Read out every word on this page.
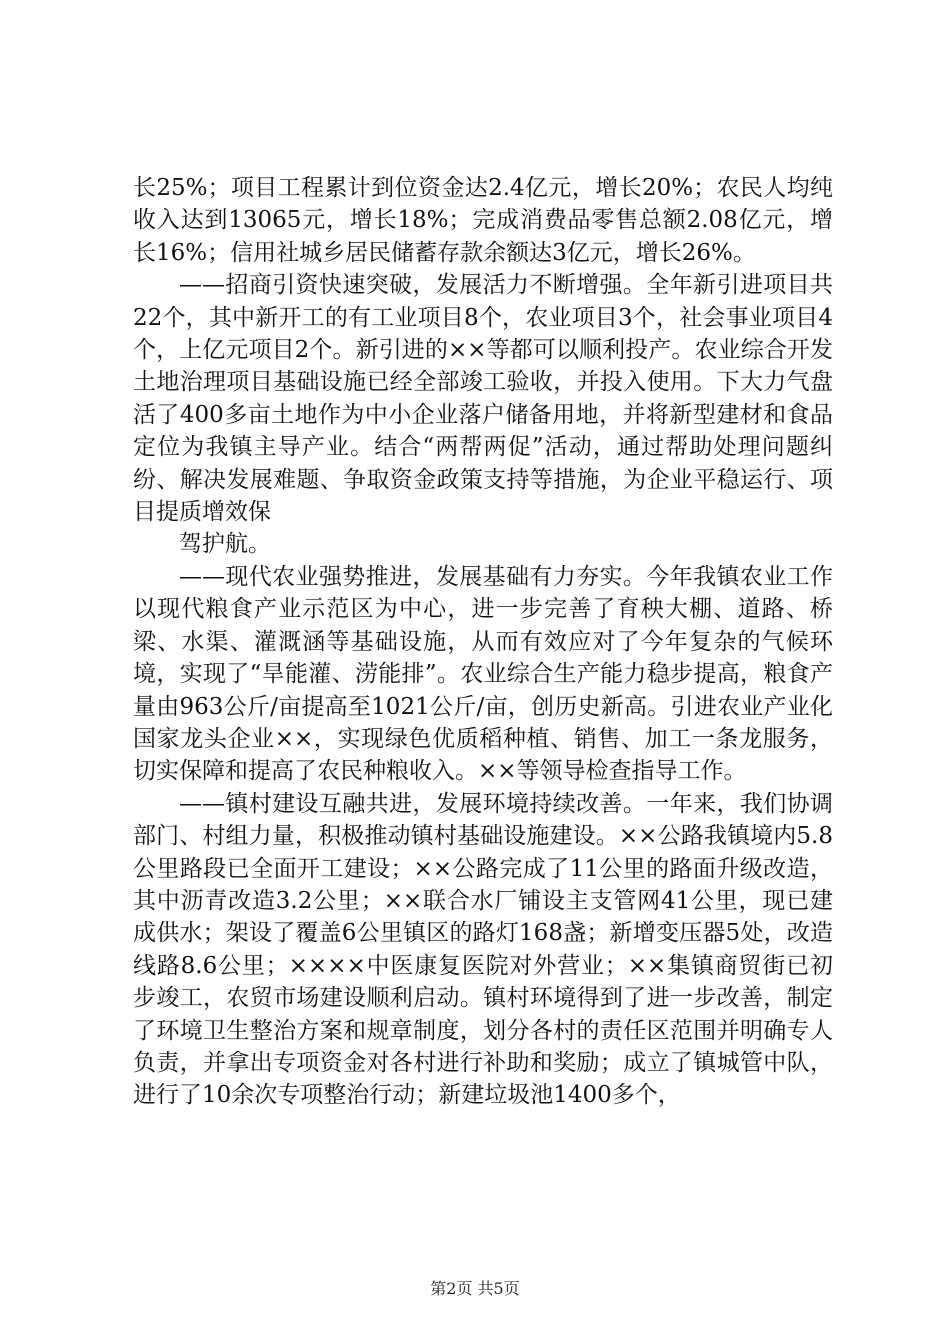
长25%；项目工程累计到位资金达2.4亿元，增长20%；农民人均纯收入达到13065元，增长18%；完成消费品零售总额2.08亿元，增长16%；信用社城乡居民储蓄存款余额达3亿元，增长26%。

——招商引资快速突破，发展活力不断增强。全年新引进项目共22个，其中新开工的有工业项目8个，农业项目3个，社会事业项目4个，上亿元项目2个。新引进的××等都可以顺利投产。农业综合开发土地治理项目基础设施已经全部竣工验收，并投入使用。下大力气盘活了400多亩土地作为中小企业落户储备用地，并将新型建材和食品定位为我镇主导产业。结合“两帮两促”活动，通过帮助处理问题纠纷、解决发展难题、争取资金政策支持等措施，为企业平稳运行、项目提质增效保

驾护航。

——现代农业强势推进，发展基础有力夯实。今年我镇农业工作以现代粮食产业示范区为中心，进一步完善了育秧大棚、道路、桥梁、水渠、灌溉涵等基础设施，从而有效应对了今年复杂的气候环境，实现了“旱能灌、涝能排”。农业综合生产能力稳步提高，粮食产量由963公斤/亩提高至1021公斤/亩，创历史新高。引进农业产业化国家龙头企业××，实现绿色优质稻种植、销售、加工一条龙服务，切实保障和提高了农民种粮收入。××等领导检查指导工作。

——镇村建设互融共进，发展环境持续改善。一年来，我们协调部门、村组力量，积极推动镇村基础设施建设。××公路我镇境内5.8公里路段已全面开工建设；××公路完成了11公里的路面升级改造，其中沥青改造3.2公里；××联合水厂铺设主支管网41公里，现已建成供水；架设了覆盖6公里镇区的路灯168盏；新增变压器5处，改造线路8.6公里；××××中医康复医院对外营业；××集镇商贸街已初步竣工，农贸市场建设顺利启动。镇村环境得到了进一步改善，制定了环境卫生整治方案和规章制度，划分各村的责任区范围并明确专人负责，并拿出专项资金对各村进行补助和奖励；成立了镇城管中队，进行了10余次专项整治行动；新建垃圾池1400多个，

第2页 共5页
